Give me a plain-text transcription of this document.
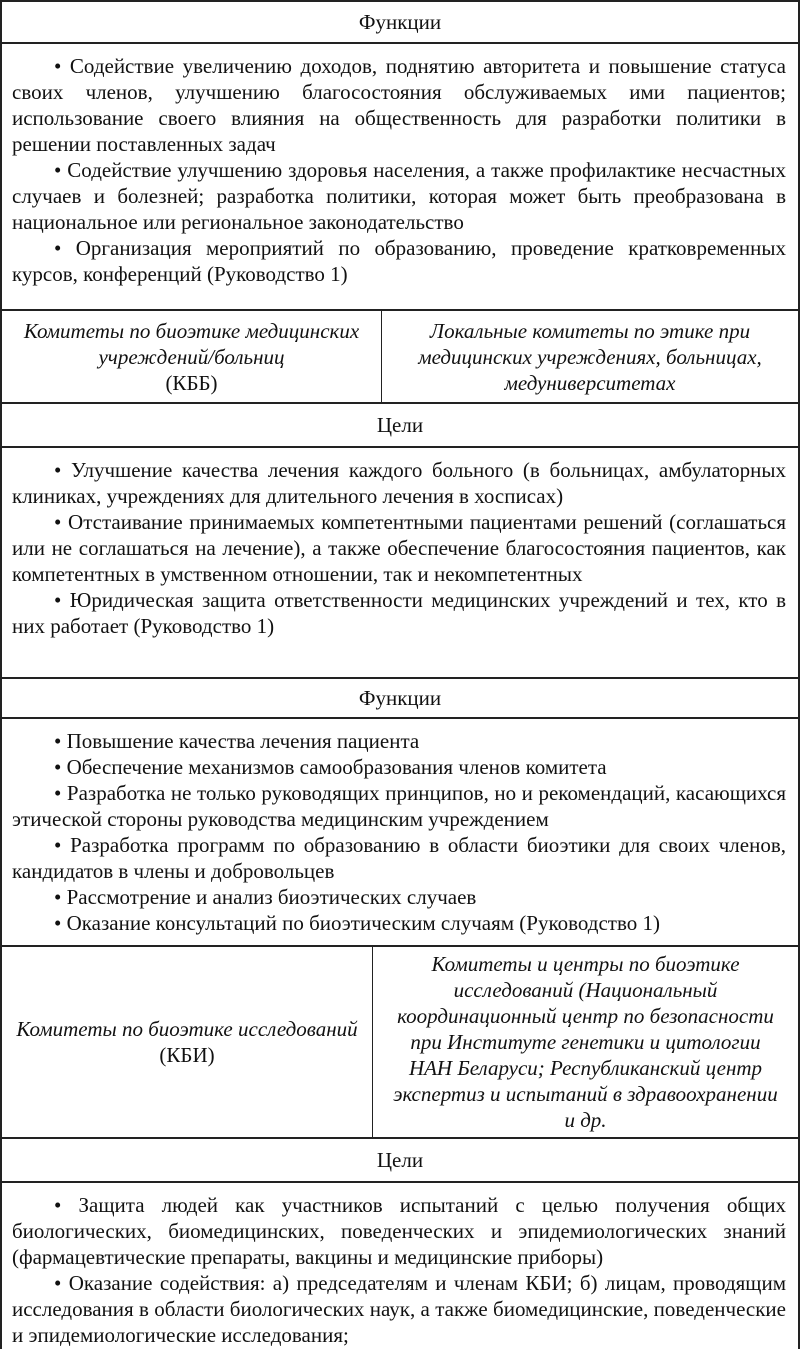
Функции

• Содействие увеличению доходов, поднятию авторитета и повышение статуса своих членов, улучшению благосостояния обслуживаемых ими пациентов; использование своего влияния на общественность для разработки политики в решении поставленных задач

• Содействие улучшению здоровья населения, а также профилактике несчастных случаев и болезней; разработка политики, которая может быть преобразована в национальное или региональное законодательство

• Организация мероприятий по образованию, проведение кратковременных курсов, конференций (Руководство 1)

Комитеты по биоэтике медицинских учреждений/больниц
(КББ)
Локальные комитеты по этике при медицинских учреждениях, больницах, медуниверситетах
Цели

• Улучшение качества лечения каждого больного (в больницах, амбулаторных клиниках, учреждениях для длительного лечения в хосписах)

• Отстаивание принимаемых компетентными пациентами решений (соглашаться или не соглашаться на лечение), а также обеспечение благосостояния пациентов, как компетентных в умственном отношении, так и некомпетентных

• Юридическая защита ответственности медицинских учреждений и тех, кто в них работает (Руководство 1)

Функции

• Повышение качества лечения пациента

• Обеспечение механизмов самообразования членов комитета

• Разработка не только руководящих принципов, но и рекомендаций, касающихся этической стороны руководства медицинским учреждением

• Разработка программ по образованию в области биоэтики для своих членов, кандидатов в члены и добровольцев

• Рассмотрение и анализ биоэтических случаев

• Оказание консультаций по биоэтическим случаям (Руководство 1)

Комитеты по биоэтике исследований (КБИ)
Комитеты и центры по биоэтике исследований (Национальный координационный центр по безопасности при Институте генетики и цитологии НАН Беларуси; Республиканский центр экспертиз и испытаний в здравоохранении и др.
Цели

• Защита людей как участников испытаний с целью получения общих биологических, биомедицинских, поведенческих и эпидемиологических знаний (фармацевтические препараты, вакцины и медицинские приборы)

• Оказание содействия: а) председателям и членам КБИ; б) лицам, проводящим исследования в области биологических наук, а также биомедицинские, поведенческие и эпидемиологические исследования;
